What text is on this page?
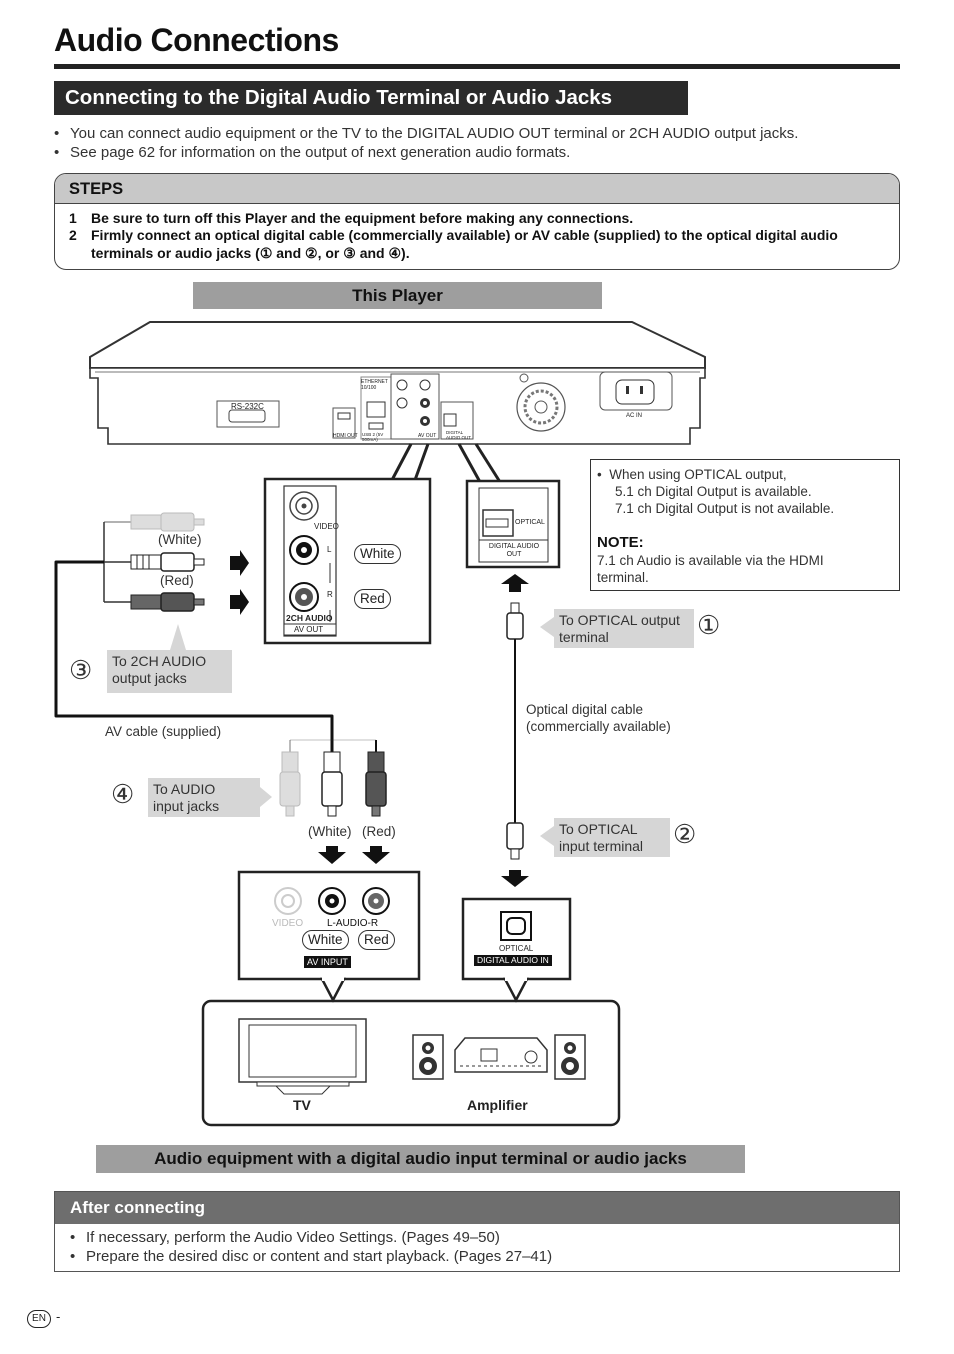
Audio Connections
Connecting to the Digital Audio Terminal or Audio Jacks
• You can connect audio equipment or the TV to the DIGITAL AUDIO OUT terminal or 2CH AUDIO output jacks.
• See page 62 for information on the output of next generation audio formats.
STEPS
1 Be sure to turn off this Player and the equipment before making any connections.
2 Firmly connect an optical digital cable (commercially available) or AV cable (supplied) to the optical digital audio
terminals or audio jacks (① and ②, or ③ and ④).
This Player
RS-232C
ETHERNET 10/100
HDMI OUT USB 2 (5V 500mA)
AV OUT
DIGITAL AUDIO OUT
AC IN
VIDEO
L
R
2CH AUDIO
AV OUT
White
Red
OPTICAL
DIGITAL AUDIO OUT
•  When using OPTICAL output,
5.1 ch Digital Output is available.
7.1 ch Digital Output is not available.
NOTE:
7.1 ch Audio is available via the HDMI
terminal.
(White)
(Red)
(White) (Red)
To 2CH AUDIO
output jacks
To OPTICAL output
terminal
To AUDIO
input jacks
To OPTICAL
input terminal
①
②
③
④
AV cable (supplied)
Optical digital cable
(commercially available)
VIDEO L-AUDIO-R
White	Red
AV INPUT
OPTICAL
DIGITAL AUDIO IN
TV	Amplifier
Audio equipment with a digital audio input terminal or audio jacks
After connecting
• If necessary, perform the Audio Video Settings. (Pages 49–50)
• Prepare the desired disc or content and start playback. (Pages 27–41)
EN -
